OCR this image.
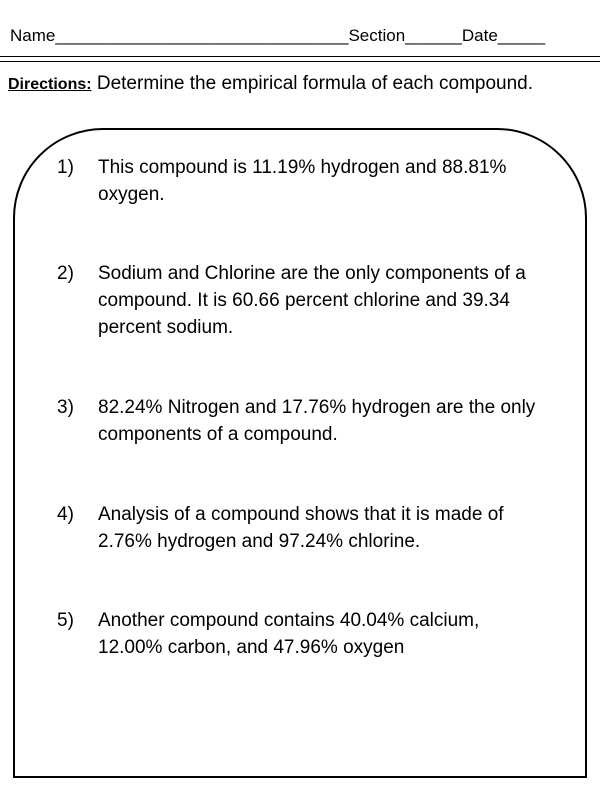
Name_______________________________Section______Date_____
Directions: Determine the empirical formula of each compound.
1)	This compound is 11.19% hydrogen and 88.81% oxygen.
2)	Sodium and Chlorine are the only components of a compound. It is 60.66 percent chlorine and 39.34 percent sodium.
3)	82.24% Nitrogen and 17.76% hydrogen are the only components of a compound.
4)	Analysis of a compound shows that it is made of 2.76% hydrogen and 97.24% chlorine.
5)	Another compound contains 40.04% calcium, 12.00% carbon, and 47.96% oxygen
